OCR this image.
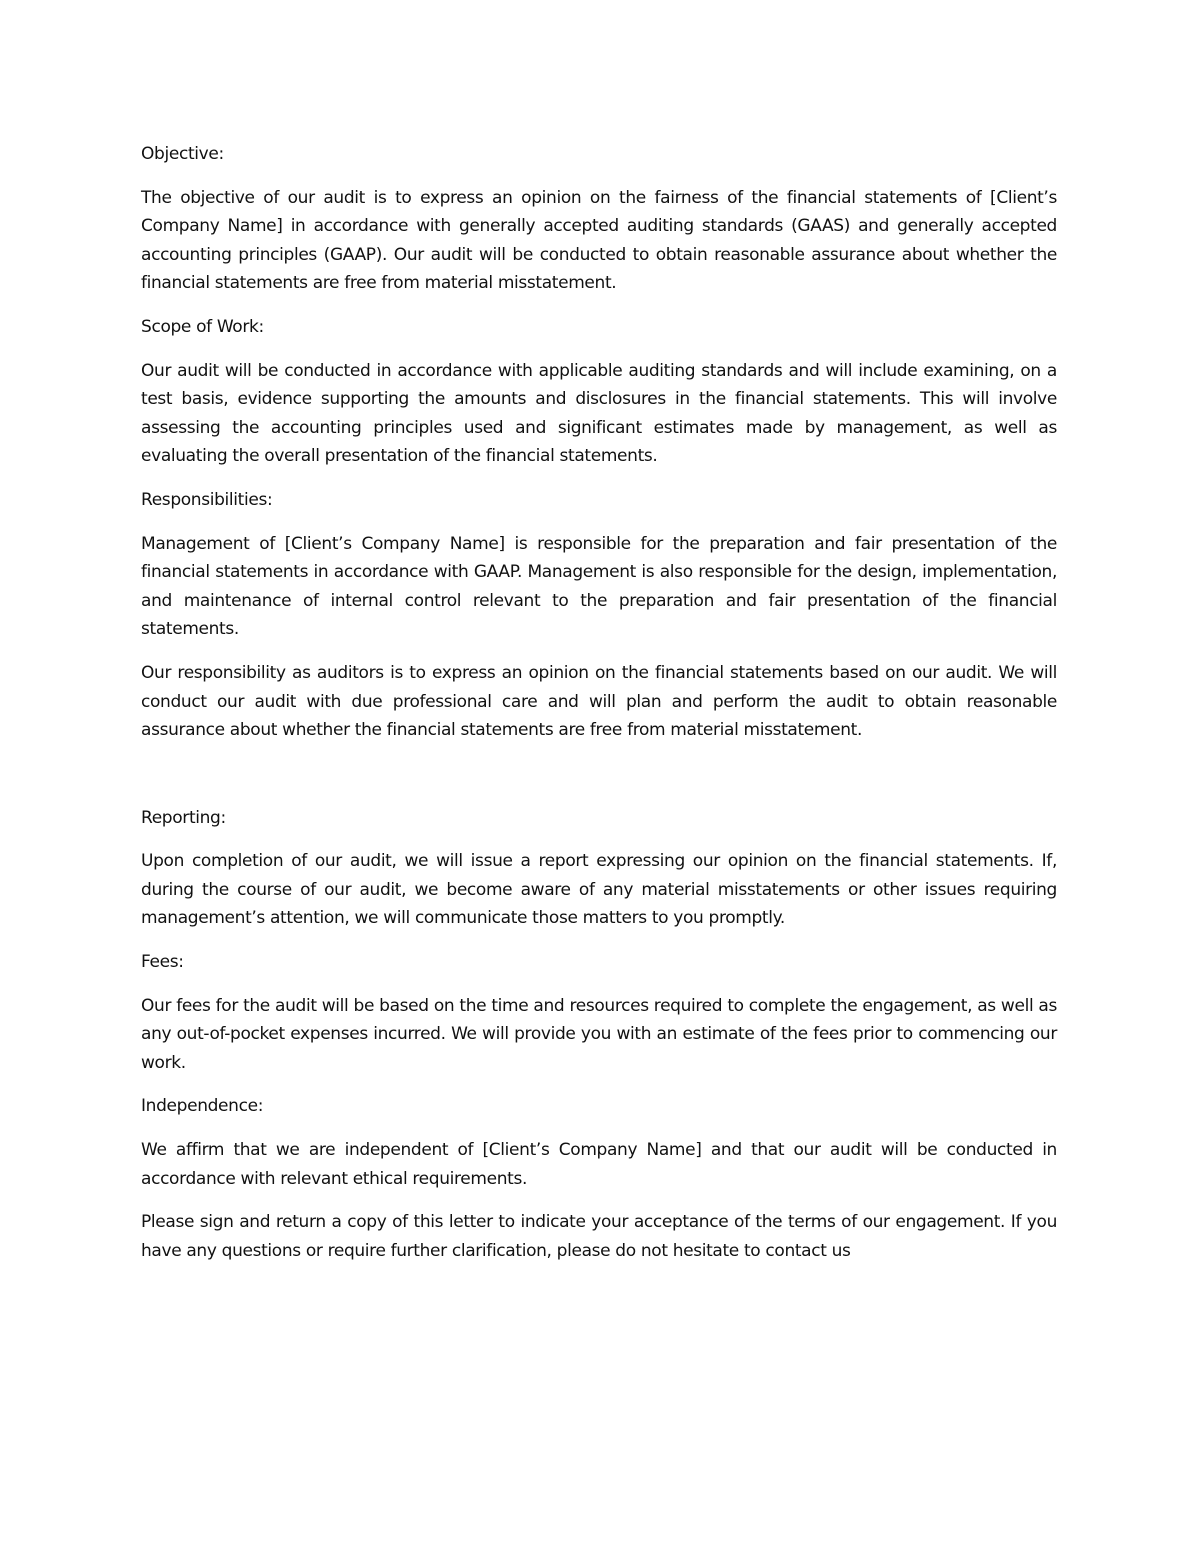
Objective:

The objective of our audit is to express an opinion on the fairness of the financial statements of [Client’s Company Name] in accordance with generally accepted auditing standards (GAAS) and generally accepted accounting principles (GAAP). Our audit will be conducted to obtain reasonable assurance about whether the financial statements are free from material misstatement.

Scope of Work:

Our audit will be conducted in accordance with applicable auditing standards and will include examining, on a test basis, evidence supporting the amounts and disclosures in the financial statements. This will involve assessing the accounting principles used and significant estimates made by management, as well as evaluating the overall presentation of the financial statements.

Responsibilities:

Management of [Client’s Company Name] is responsible for the preparation and fair presentation of the financial statements in accordance with GAAP. Management is also responsible for the design, implementation, and maintenance of internal control relevant to the preparation and fair presentation of the financial statements.

Our responsibility as auditors is to express an opinion on the financial statements based on our audit. We will conduct our audit with due professional care and will plan and perform the audit to obtain reasonable assurance about whether the financial statements are free from material misstatement.

Reporting:

Upon completion of our audit, we will issue a report expressing our opinion on the financial statements. If, during the course of our audit, we become aware of any material misstatements or other issues requiring management’s attention, we will communicate those matters to you promptly.

Fees:

Our fees for the audit will be based on the time and resources required to complete the engagement, as well as any out-of-pocket expenses incurred. We will provide you with an estimate of the fees prior to commencing our work.

Independence:

We affirm that we are independent of [Client’s Company Name] and that our audit will be conducted in accordance with relevant ethical requirements.

Please sign and return a copy of this letter to indicate your acceptance of the terms of our engagement. If you have any questions or require further clarification, please do not hesitate to contact us
